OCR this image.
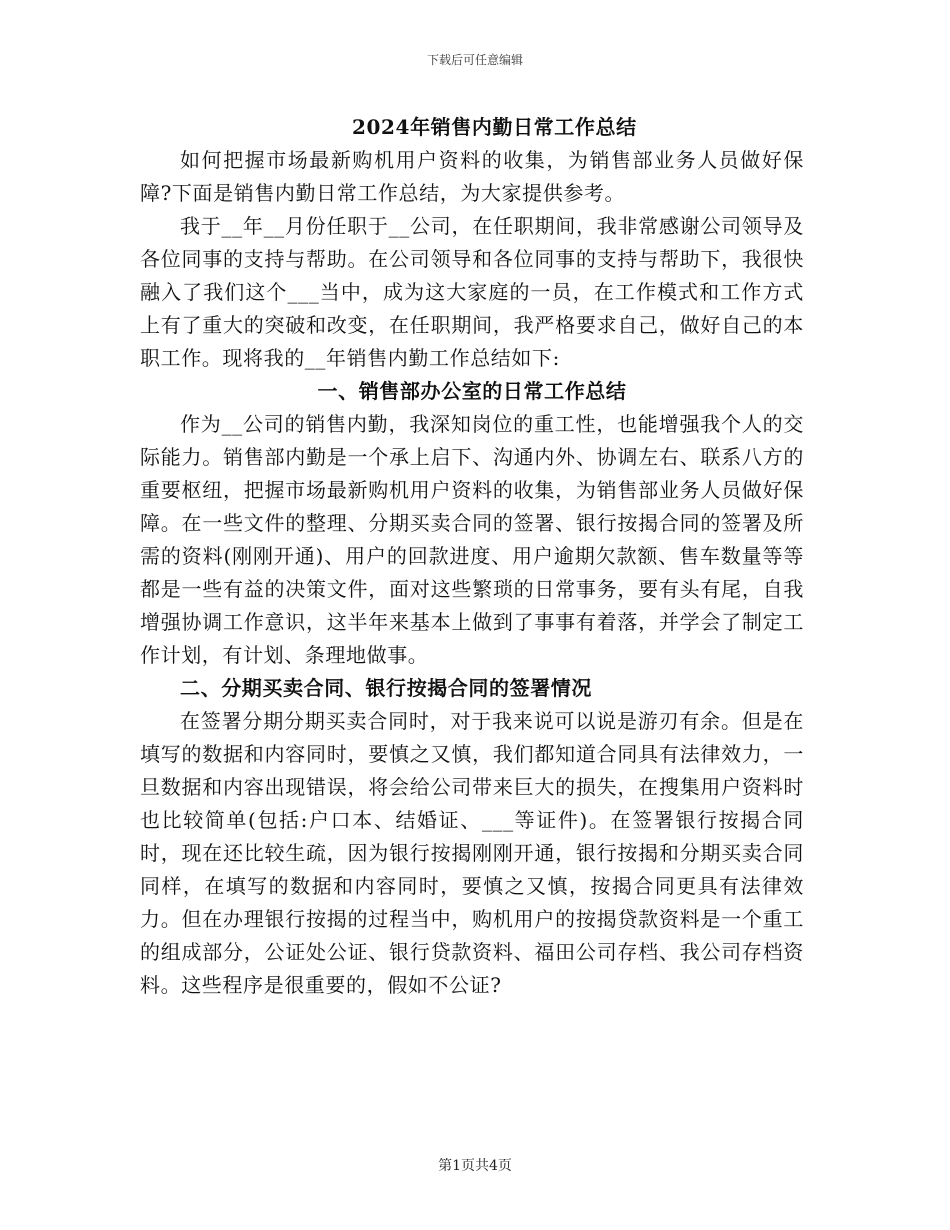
下载后可任意编辑
2024年销售内勤日常工作总结

如何把握市场最新购机用户资料的收集，为销售部业务人员做好保障?下面是销售内勤日常工作总结，为大家提供参考。

我于__年__月份任职于__公司，在任职期间，我非常感谢公司领导及各位同事的支持与帮助。在公司领导和各位同事的支持与帮助下，我很快融入了我们这个___当中，成为这大家庭的一员，在工作模式和工作方式上有了重大的突破和改变，在任职期间，我严格要求自己，做好自己的本职工作。现将我的__年销售内勤工作总结如下:

一、销售部办公室的日常工作总结

作为__公司的销售内勤，我深知岗位的重工性，也能增强我个人的交际能力。销售部内勤是一个承上启下、沟通内外、协调左右、联系八方的重要枢纽，把握市场最新购机用户资料的收集，为销售部业务人员做好保障。在一些文件的整理、分期买卖合同的签署、银行按揭合同的签署及所需的资料(刚刚开通)、用户的回款进度、用户逾期欠款额、售车数量等等都是一些有益的决策文件，面对这些繁琐的日常事务，要有头有尾，自我增强协调工作意识，这半年来基本上做到了事事有着落，并学会了制定工作计划，有计划、条理地做事。

二、分期买卖合同、银行按揭合同的签署情况

在签署分期分期买卖合同时，对于我来说可以说是游刃有余。但是在填写的数据和内容同时，要慎之又慎，我们都知道合同具有法律效力，一旦数据和内容出现错误，将会给公司带来巨大的损失，在搜集用户资料时也比较简单(包括:户口本、结婚证、___等证件)。在签署银行按揭合同时，现在还比较生疏，因为银行按揭刚刚开通，银行按揭和分期买卖合同同样，在填写的数据和内容同时，要慎之又慎，按揭合同更具有法律效力。但在办理银行按揭的过程当中，购机用户的按揭贷款资料是一个重工的组成部分，公证处公证、银行贷款资料、福田公司存档、我公司存档资料。这些程序是很重要的，假如不公证?

第1页共4页
